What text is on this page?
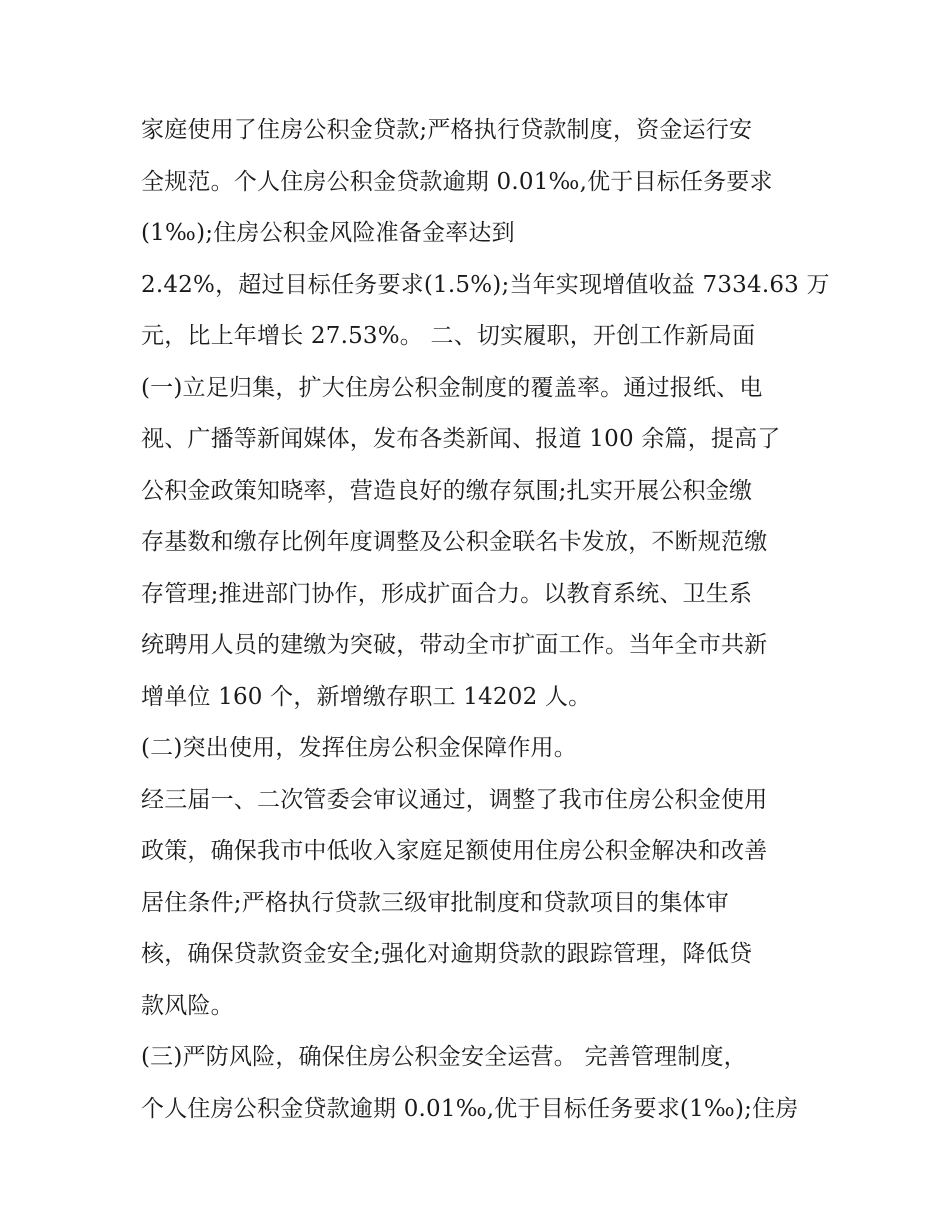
家庭使用了住房公积金贷款;严格执行贷款制度，资金运行安
全规范。个人住房公积金贷款逾期 0.01‰,优于目标任务要求
(1‰);住房公积金风险准备金率达到
2.42%，超过目标任务要求(1.5%);当年实现增值收益 7334.63 万
元，比上年增长 27.53%。 二、切实履职，开创工作新局面
(一)立足归集，扩大住房公积金制度的覆盖率。通过报纸、电
视、广播等新闻媒体，发布各类新闻、报道 100 余篇，提高了
公积金政策知晓率，营造良好的缴存氛围;扎实开展公积金缴
存基数和缴存比例年度调整及公积金联名卡发放，不断规范缴
存管理;推进部门协作，形成扩面合力。以教育系统、卫生系
统聘用人员的建缴为突破，带动全市扩面工作。当年全市共新
增单位 160 个，新增缴存职工 14202 人。
(二)突出使用，发挥住房公积金保障作用。
经三届一、二次管委会审议通过，调整了我市住房公积金使用
政策，确保我市中低收入家庭足额使用住房公积金解决和改善
居住条件;严格执行贷款三级审批制度和贷款项目的集体审
核，确保贷款资金安全;强化对逾期贷款的跟踪管理，降低贷
款风险。
(三)严防风险，确保住房公积金安全运营。 完善管理制度，
个人住房公积金贷款逾期 0.01‰,优于目标任务要求(1‰);住房
